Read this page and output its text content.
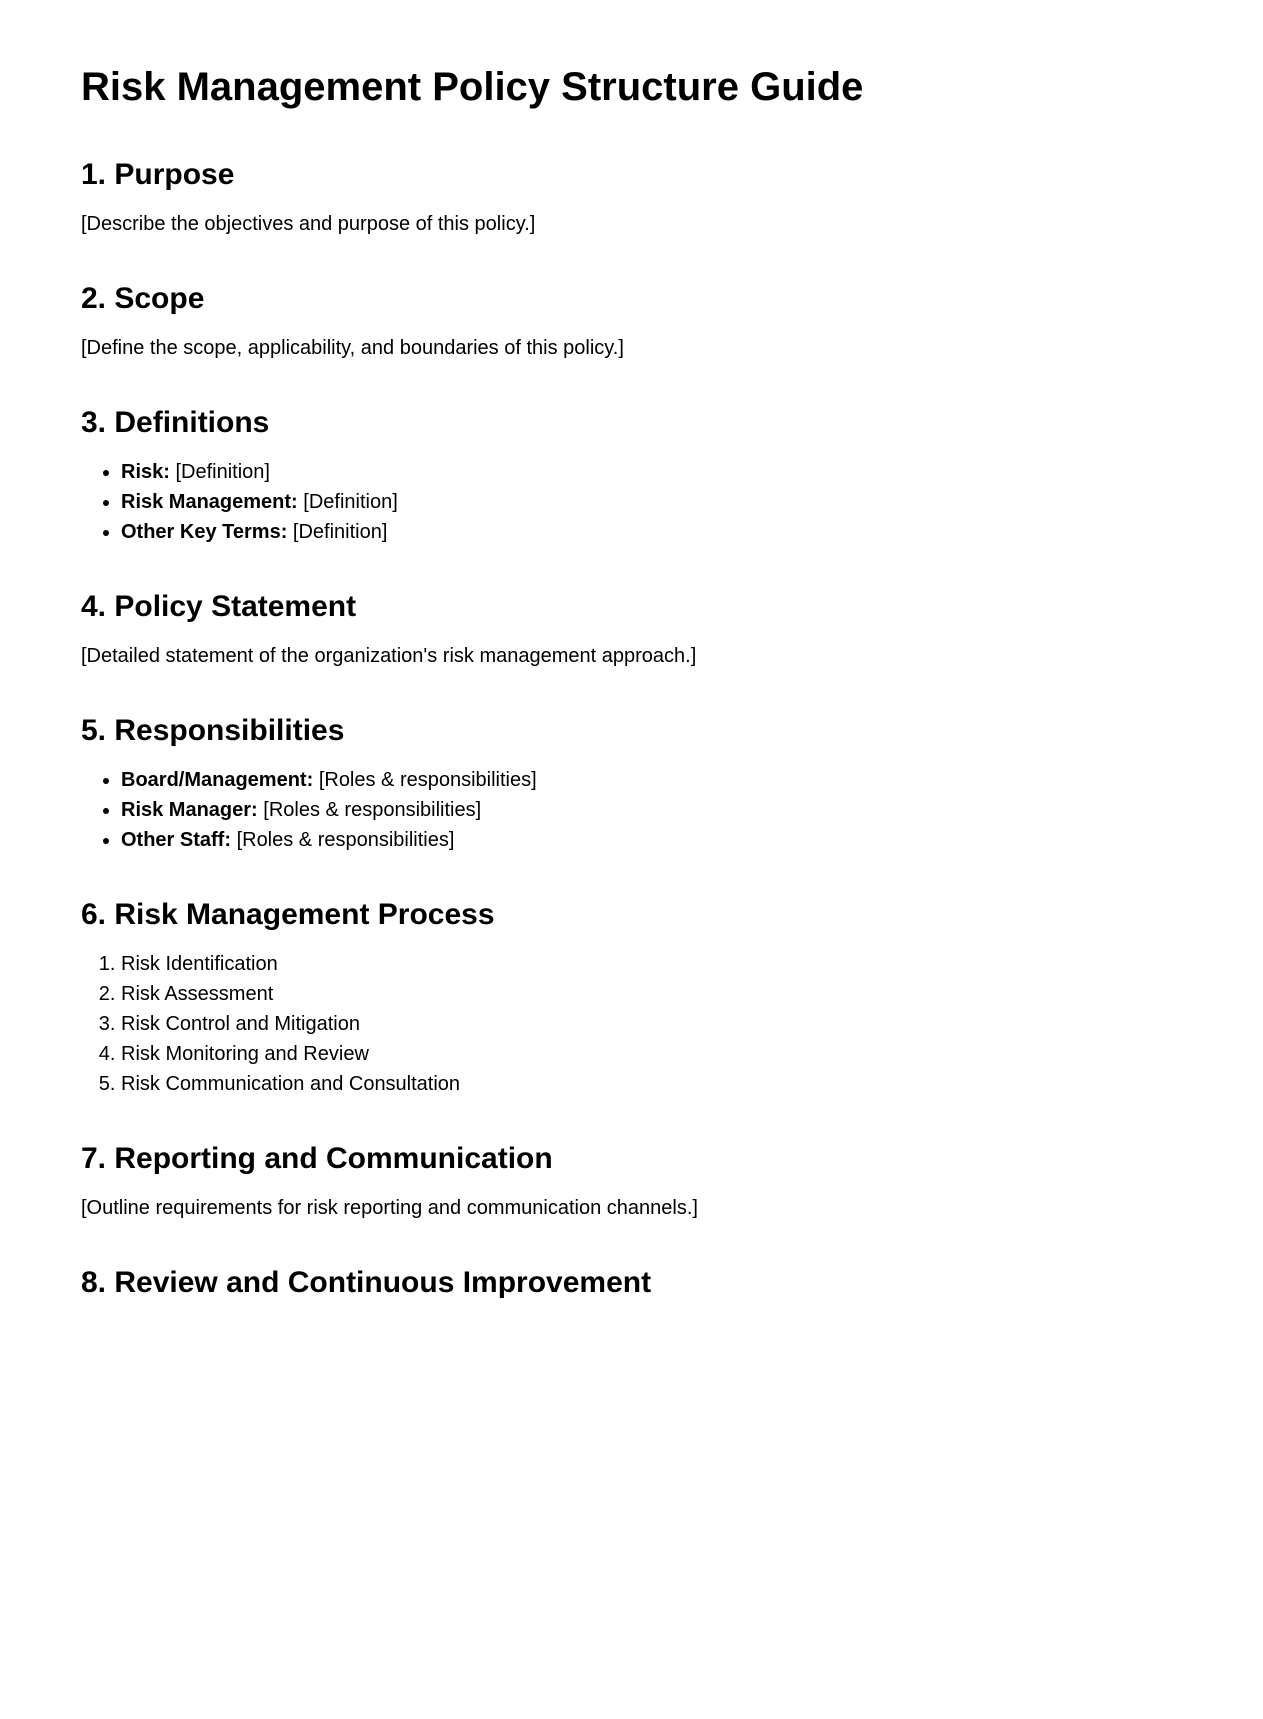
Risk Management Policy Structure Guide
1. Purpose

[Describe the objectives and purpose of this policy.]

2. Scope

[Define the scope, applicability, and boundaries of this policy.]

3. Definitions
• Risk: [Definition]
• Risk Management: [Definition]
• Other Key Terms: [Definition]
4. Policy Statement

[Detailed statement of the organization's risk management approach.]

5. Responsibilities
• Board/Management: [Roles & responsibilities]
• Risk Manager: [Roles & responsibilities]
• Other Staff: [Roles & responsibilities]
6. Risk Management Process
1. Risk Identification
2. Risk Assessment
3. Risk Control and Mitigation
4. Risk Monitoring and Review
5. Risk Communication and Consultation
7. Reporting and Communication

[Outline requirements for risk reporting and communication channels.]

8. Review and Continuous Improvement
